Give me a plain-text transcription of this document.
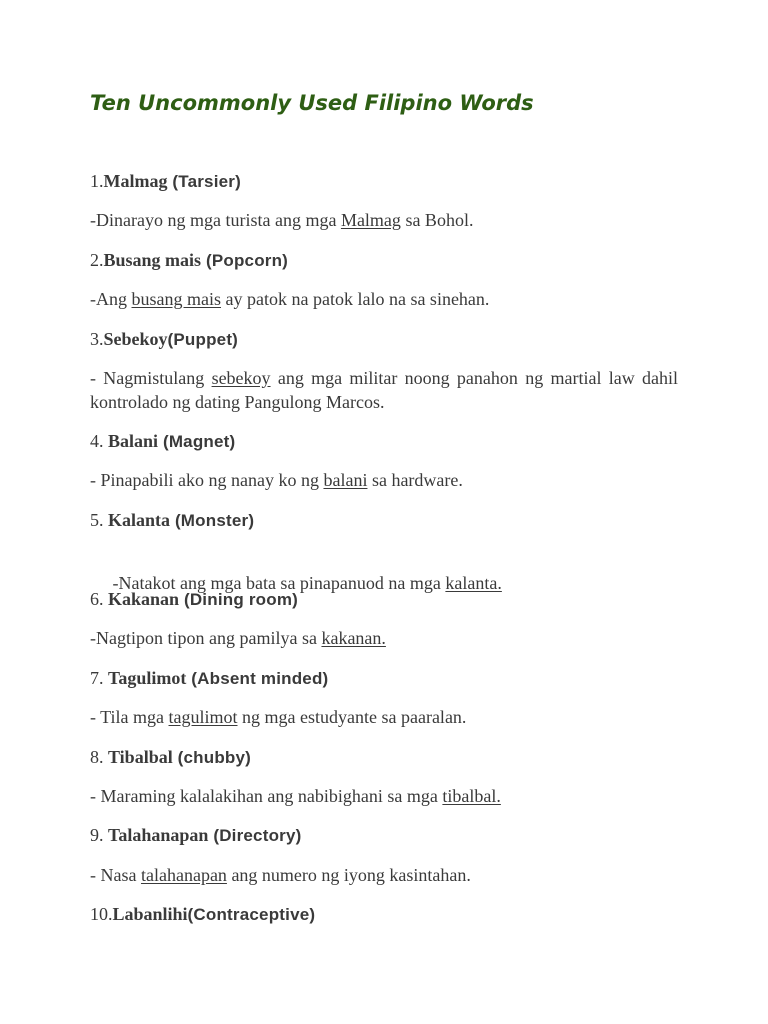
Ten Uncommonly Used Filipino Words
1.Malmag (Tarsier)
-Dinarayo ng mga turista ang mga Malmag sa Bohol.
2.Busang mais (Popcorn)
-Ang busang mais ay patok na patok lalo na sa sinehan.
3.Sebekoy(Puppet)
- Nagmistulang sebekoy ang mga militar noong panahon ng martial law dahil kontrolado ng dating Pangulong Marcos.
4. Balani (Magnet)
- Pinapabili ako ng nanay ko ng balani sa hardware.
5. Kalanta (Monster)

-Natakot ang mga bata sa pinapanuod na mga kalanta.

6. Kakanan (Dining room)
-Nagtipon tipon ang pamilya sa kakanan.
7. Tagulimot (Absent minded)
- Tila mga tagulimot ng mga estudyante sa paaralan.
8. Tibalbal (chubby)
- Maraming kalalakihan ang nabibighani sa mga tibalbal.
9. Talahanapan (Directory)
- Nasa talahanapan ang numero ng iyong kasintahan.
10.Labanlihi(Contraceptive)
